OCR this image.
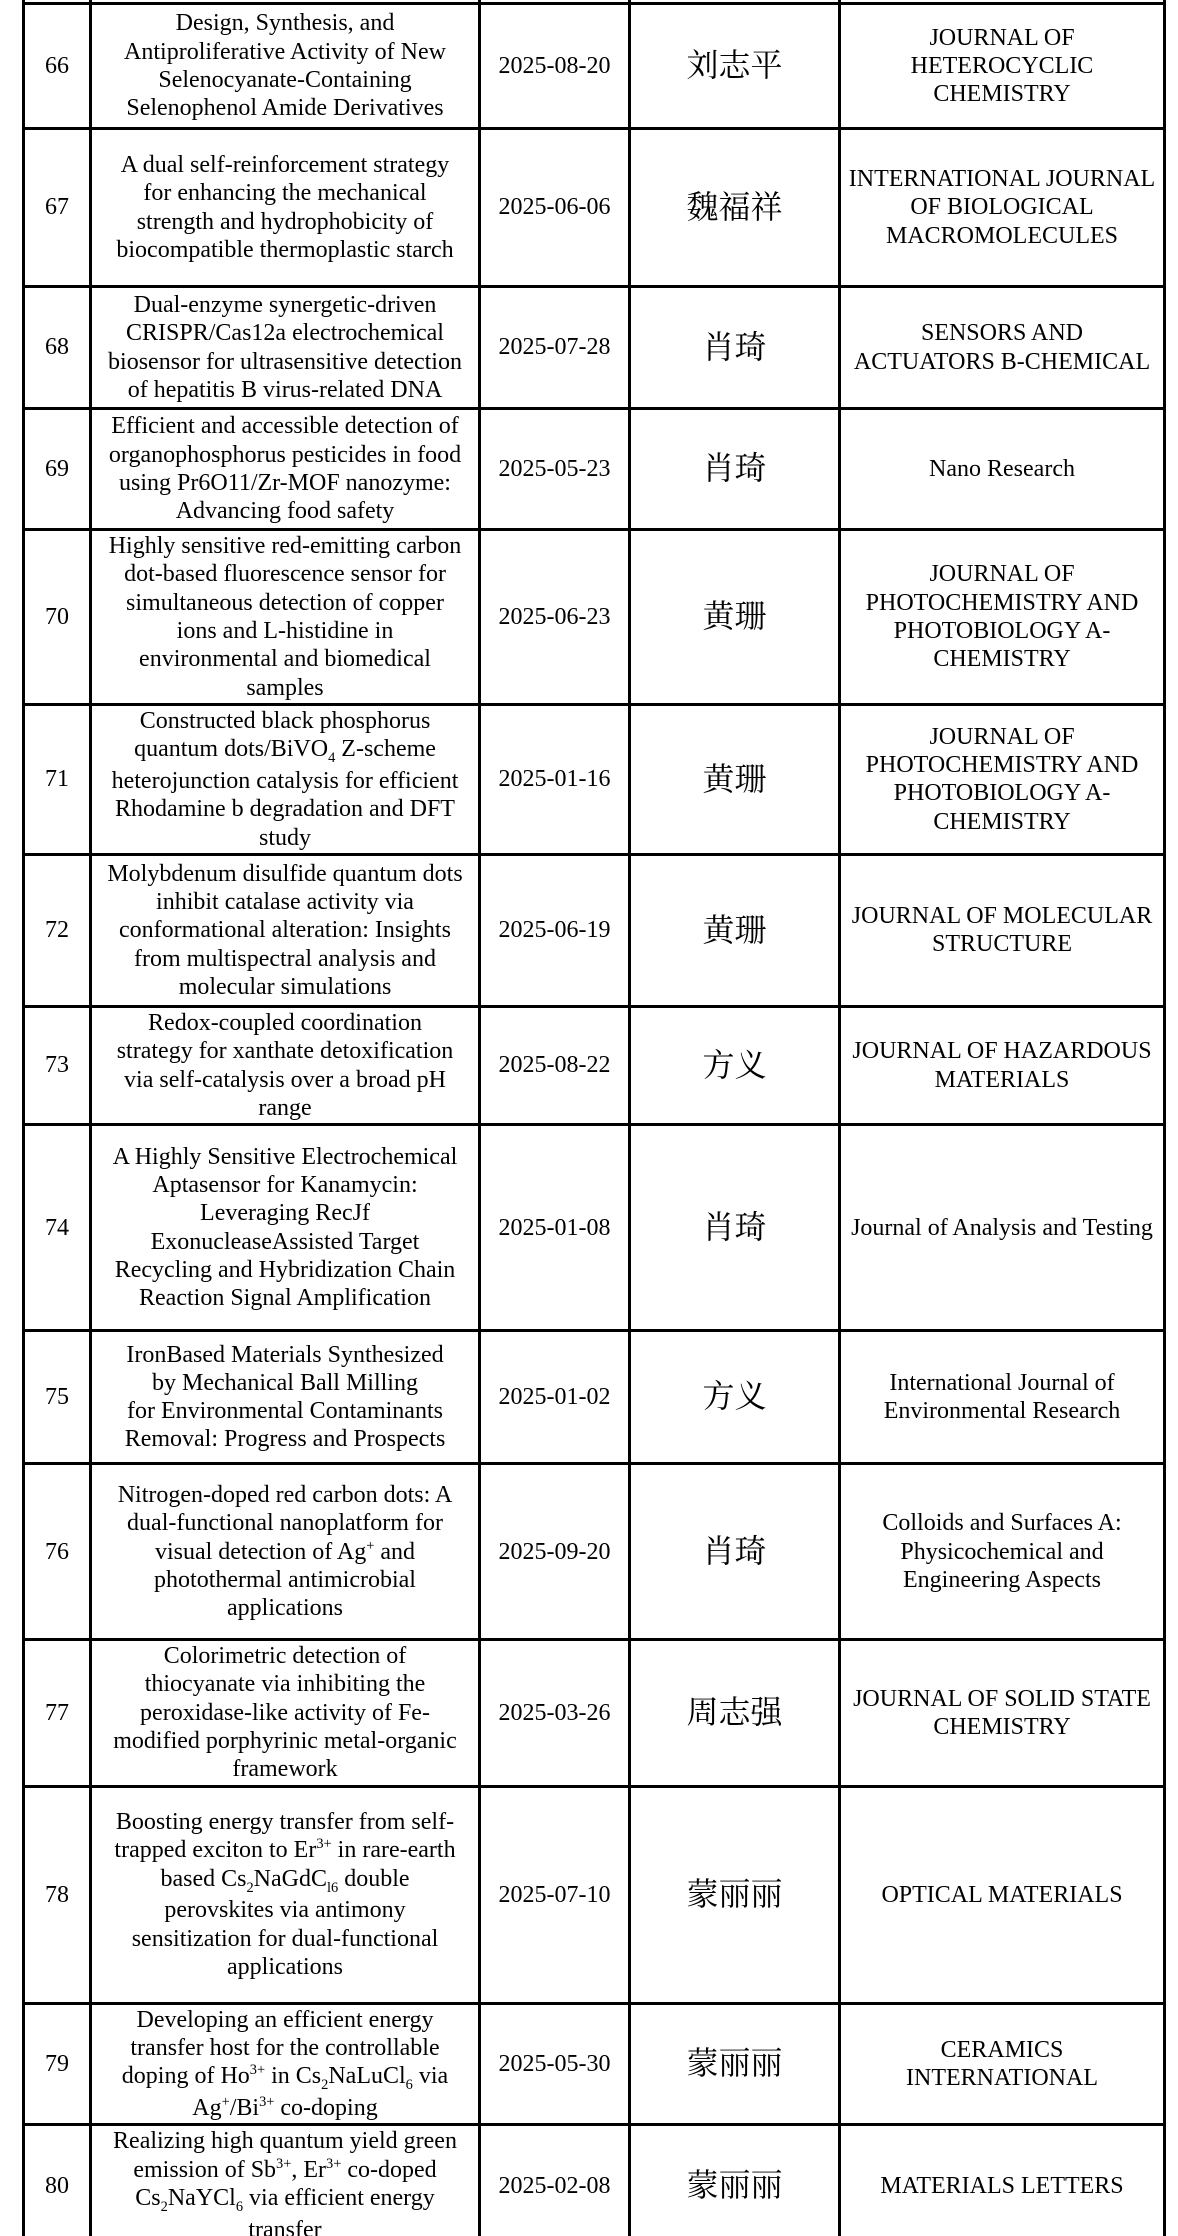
66	Design, Synthesis, and
Antiproliferative Activity of New
Selenocyanate-Containing
Selenophenol Amide Derivatives	2025-08-20	刘志平	JOURNAL OF
HETEROCYCLIC
CHEMISTRY
67	A dual self-reinforcement strategy
for enhancing the mechanical
strength and hydrophobicity of
biocompatible thermoplastic starch	2025-06-06	魏福祥	INTERNATIONAL JOURNAL
OF BIOLOGICAL
MACROMOLECULES
68	Dual-enzyme synergetic-driven
CRISPR/Cas12a electrochemical
biosensor for ultrasensitive detection
of hepatitis B virus-related DNA	2025-07-28	肖琦	SENSORS AND
ACTUATORS B-CHEMICAL
69	Efficient and accessible detection of
organophosphorus pesticides in food
using Pr6O11/Zr-MOF nanozyme:
Advancing food safety	2025-05-23	肖琦	Nano Research
70	Highly sensitive red-emitting carbon
dot-based fluorescence sensor for
simultaneous detection of copper
ions and L-histidine in
environmental and biomedical
samples	2025-06-23	黄珊	JOURNAL OF
PHOTOCHEMISTRY AND
PHOTOBIOLOGY A-
CHEMISTRY
71	Constructed black phosphorus
quantum dots/BiVO$_4$ Z-scheme
heterojunction catalysis for efficient
Rhodamine b degradation and DFT
study	2025-01-16	黄珊	JOURNAL OF
PHOTOCHEMISTRY AND
PHOTOBIOLOGY A-
CHEMISTRY
72	Molybdenum disulfide quantum dots
inhibit catalase activity via
conformational alteration: Insights
from multispectral analysis and
molecular simulations	2025-06-19	黄珊	JOURNAL OF MOLECULAR
STRUCTURE
73	Redox-coupled coordination
strategy for xanthate detoxification
via self-catalysis over a broad pH
range	2025-08-22	方义	JOURNAL OF HAZARDOUS
MATERIALS
74	A Highly Sensitive Electrochemical
Aptasensor for Kanamycin:
Leveraging RecJf
ExonucleaseAssisted Target
Recycling and Hybridization Chain
Reaction Signal Amplification	2025-01-08	肖琦	Journal of Analysis and Testing
75	IronBased Materials Synthesized
by Mechanical Ball Milling
for Environmental Contaminants
Removal: Progress and Prospects	2025-01-02	方义	International Journal of
Environmental Research
76	Nitrogen-doped red carbon dots: A
dual-functional nanoplatform for
visual detection of Ag+ and
photothermal antimicrobial
applications	2025-09-20	肖琦	Colloids and Surfaces A:
Physicochemical and
Engineering Aspects
77	Colorimetric detection of
thiocyanate via inhibiting the
peroxidase-like activity of Fe-
modified porphyrinic metal-organic
framework	2025-03-26	周志强	JOURNAL OF SOLID STATE
CHEMISTRY
78	Boosting energy transfer from self-
trapped exciton to $Er^{3+}$ in rare-earth
based $Cs_2NaGdC_{l6}$ double
perovskites via antimony
sensitization for dual-functional
applications	2025-07-10	蒙丽丽	OPTICAL MATERIALS
79	Developing an efficient energy
transfer host for the controllable
doping of $Ho^{3+}$ in $Cs_2NaLuCl_6$ via
$Ag^+/Bi^{3+}$ co-doping	2025-05-30	蒙丽丽	CERAMICS
INTERNATIONAL
80	Realizing high quantum yield green
emission of $Sb^{3+}$, $Er^{3+}$ co-doped
$Cs_2NaYCl_6$ via efficient energy
transfer	2025-02-08	蒙丽丽	MATERIALS LETTERS
